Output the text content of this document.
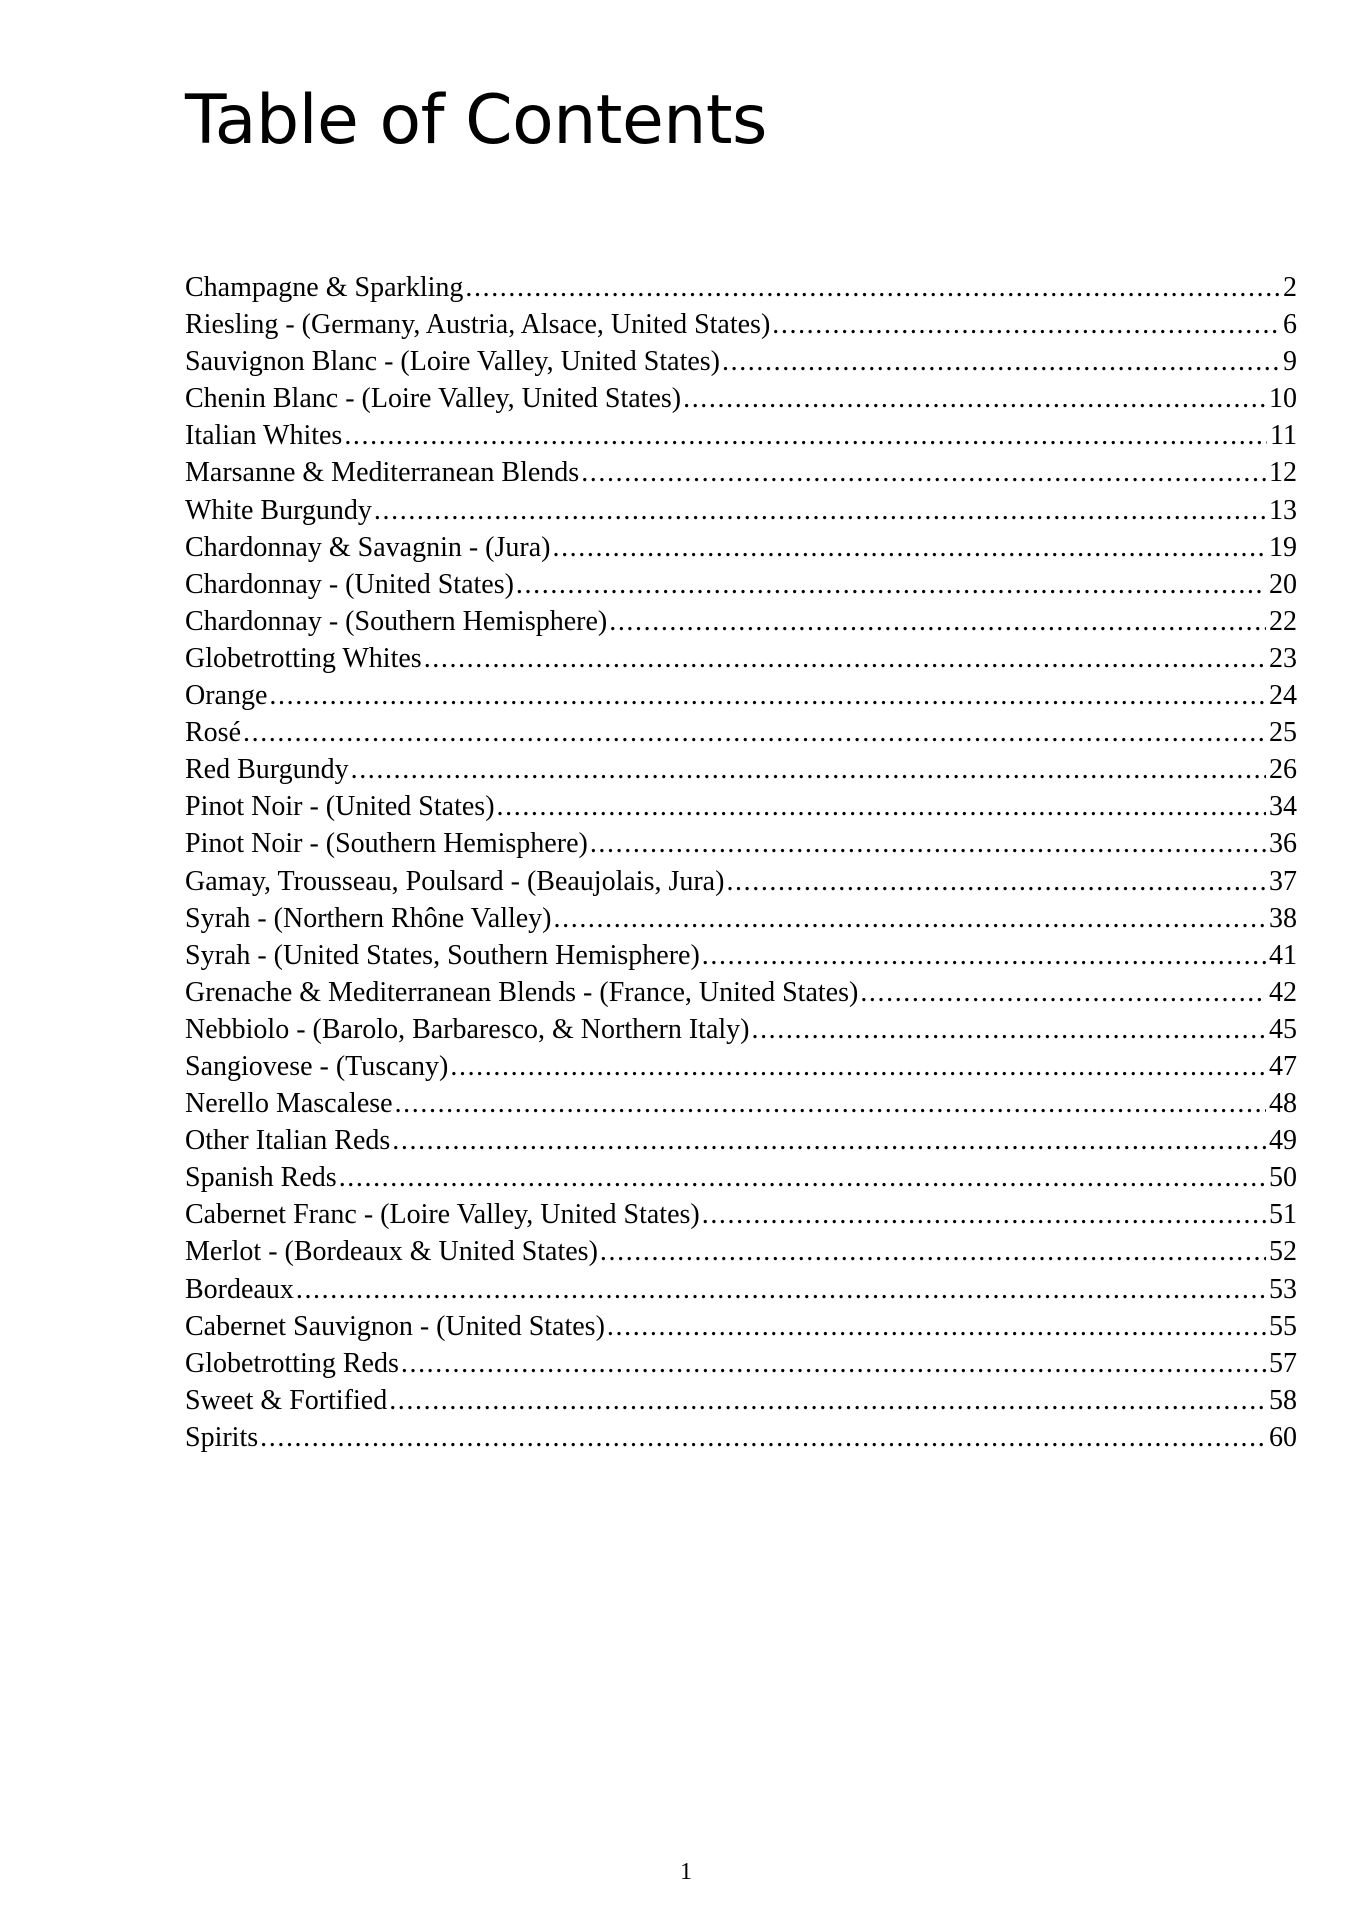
Table of Contents
Champagne & Sparkling .....	2
Riesling - (Germany, Austria, Alsace, United States) .....	6
Sauvignon Blanc - (Loire Valley, United States) .....	9
Chenin Blanc - (Loire Valley, United States) .....	10
Italian Whites .....	11
Marsanne & Mediterranean Blends .....	12
White Burgundy .....	13
Chardonnay & Savagnin - (Jura) .....	19
Chardonnay - (United States) .....	20
Chardonnay - (Southern Hemisphere) .....	22
Globetrotting Whites .....	23
Orange .....	24
Rosé .....	25
Red Burgundy .....	26
Pinot Noir - (United States) .....	34
Pinot Noir - (Southern Hemisphere) .....	36
Gamay, Trousseau, Poulsard - (Beaujolais, Jura) .....	37
Syrah - (Northern Rhône Valley) .....	38
Syrah - (United States, Southern Hemisphere) .....	41
Grenache & Mediterranean Blends - (France, United States) .....	42
Nebbiolo - (Barolo, Barbaresco, & Northern Italy) .....	45
Sangiovese - (Tuscany) .....	47
Nerello Mascalese .....	48
Other Italian Reds .....	49
Spanish Reds .....	50
Cabernet Franc - (Loire Valley, United States) .....	51
Merlot - (Bordeaux & United States) .....	52
Bordeaux .....	53
Cabernet Sauvignon - (United States) .....	55
Globetrotting Reds .....	57
Sweet & Fortified .....	58
Spirits .....	60
1
